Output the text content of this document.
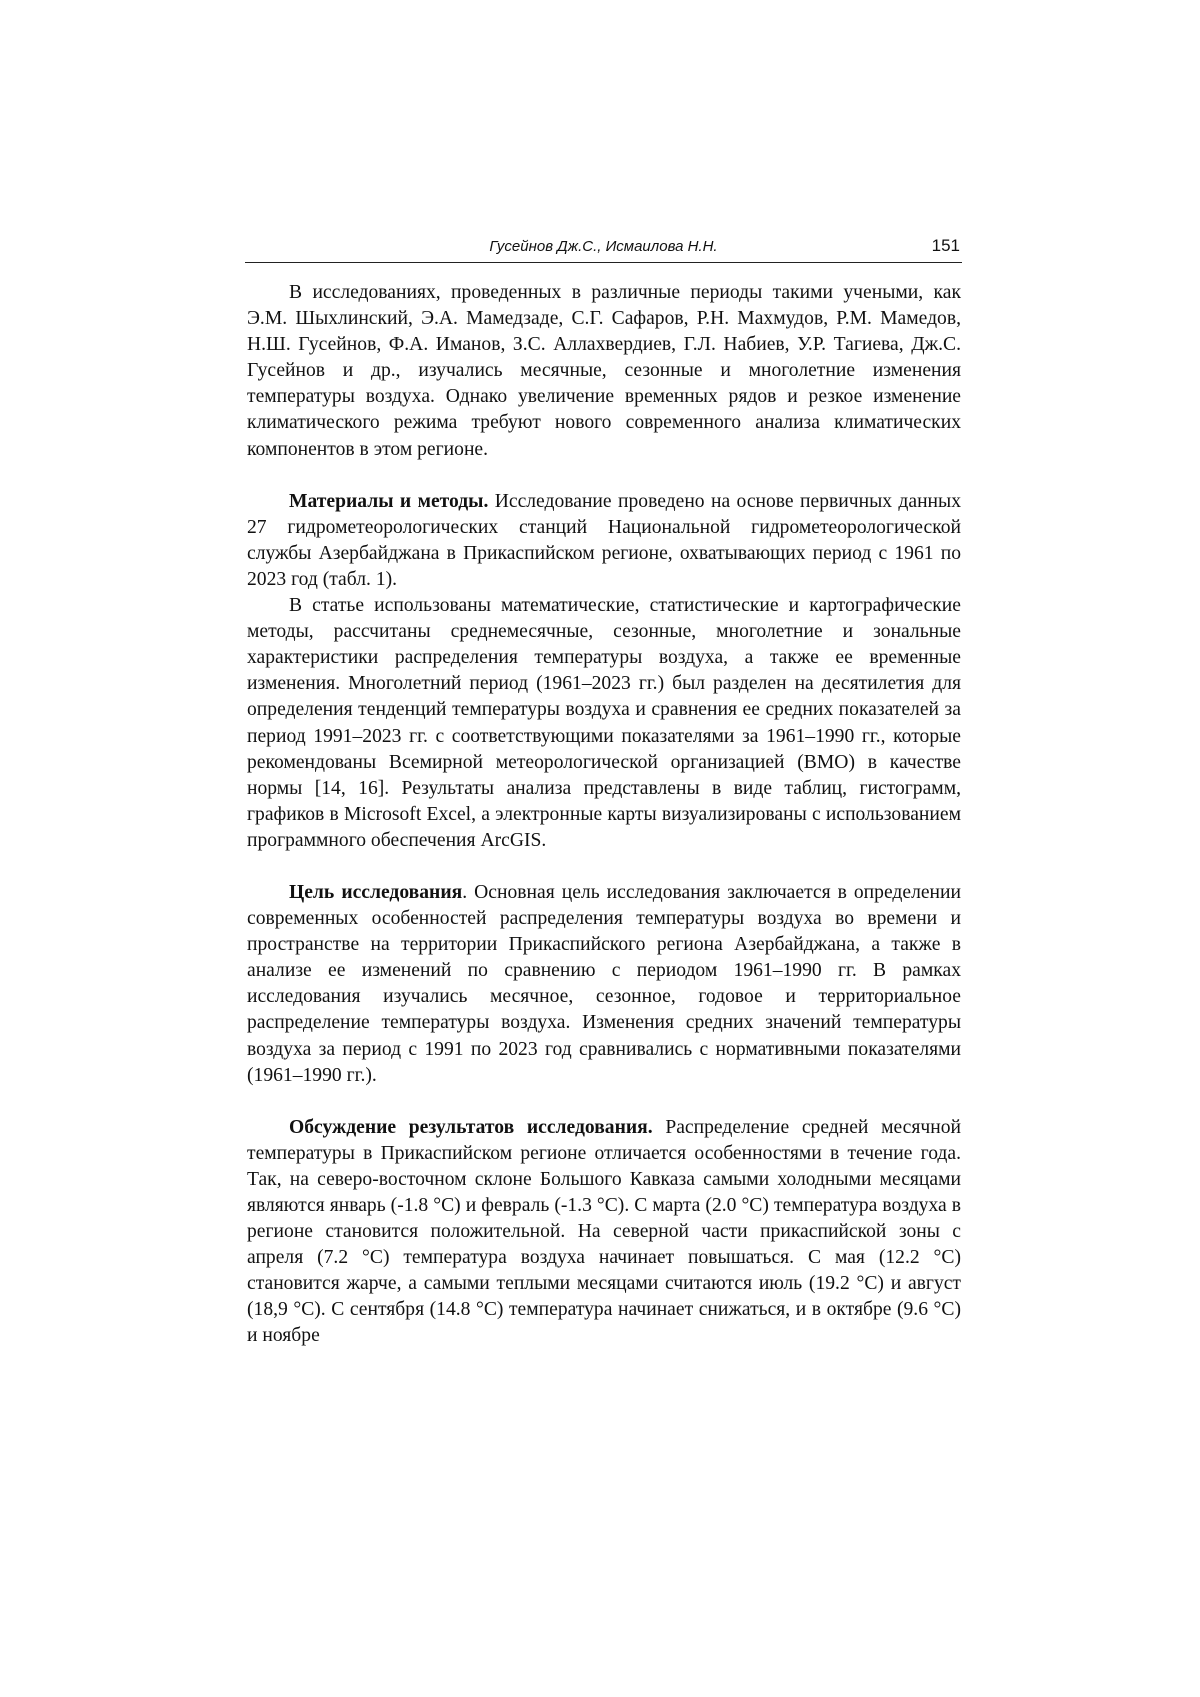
Гусейнов Дж.С., Исмаилова Н.Н.	151

В исследованиях, проведенных в различные периоды такими учеными, как Э.М. Шыхлинский, Э.А. Мамедзаде, С.Г. Сафаров, Р.Н. Махмудов, Р.М. Мамедов, Н.Ш. Гусейнов, Ф.А. Иманов, З.С. Аллахвердиев, Г.Л. Набиев, У.Р. Тагиева, Дж.С. Гусейнов и др., изучались месячные, сезонные и многолетние изменения температуры воздуха. Однако увеличение временных рядов и резкое изменение климатического режима требуют нового современного анализа климатических компонентов в этом регионе.

Материалы и методы. Исследование проведено на основе первичных данных 27 гидрометеорологических станций Национальной гидрометеорологической службы Азербайджана в Прикаспийском регионе, охватывающих период с 1961 по 2023 год (табл. 1).

В статье использованы математические, статистические и картографические методы, рассчитаны среднемесячные, сезонные, многолетние и зональные характеристики распределения температуры воздуха, а также ее временные изменения. Многолетний период (1961–2023 гг.) был разделен на десятилетия для определения тенденций температуры воздуха и сравнения ее средних показателей за период 1991–2023 гг. с соответствующими показателями за 1961–1990 гг., которые рекомендованы Всемирной метеорологической организацией (ВМО) в качестве нормы [14, 16]. Результаты анализа представлены в виде таблиц, гистограмм, графиков в Microsoft Excel, а электронные карты визуализированы с использованием программного обеспечения ArcGIS.

Цель исследования. Основная цель исследования заключается в определении современных особенностей распределения температуры воздуха во времени и пространстве на территории Прикаспийского региона Азербайджана, а также в анализе ее изменений по сравнению с периодом 1961–1990 гг. В рамках исследования изучались месячное, сезонное, годовое и территориальное распределение температуры воздуха. Изменения средних значений температуры воздуха за период с 1991 по 2023 год сравнивались с нормативными показателями (1961–1990 гг.).

Обсуждение результатов исследования. Распределение средней месячной температуры в Прикаспийском регионе отличается особенностями в течение года. Так, на северо-восточном склоне Большого Кавказа самыми холодными месяцами являются январь (-1.8 °С) и февраль (-1.3 °С). С марта (2.0 °С) температура воздуха в регионе становится положительной. На северной части прикаспийской зоны с апреля (7.2 °С) температура воздуха начинает повышаться. С мая (12.2 °С) становится жарче, а самыми теплыми месяцами считаются июль (19.2 °С) и август (18,9 °С). С сентября (14.8 °С) температура начинает снижаться, и в октябре (9.6 °С) и ноябре
